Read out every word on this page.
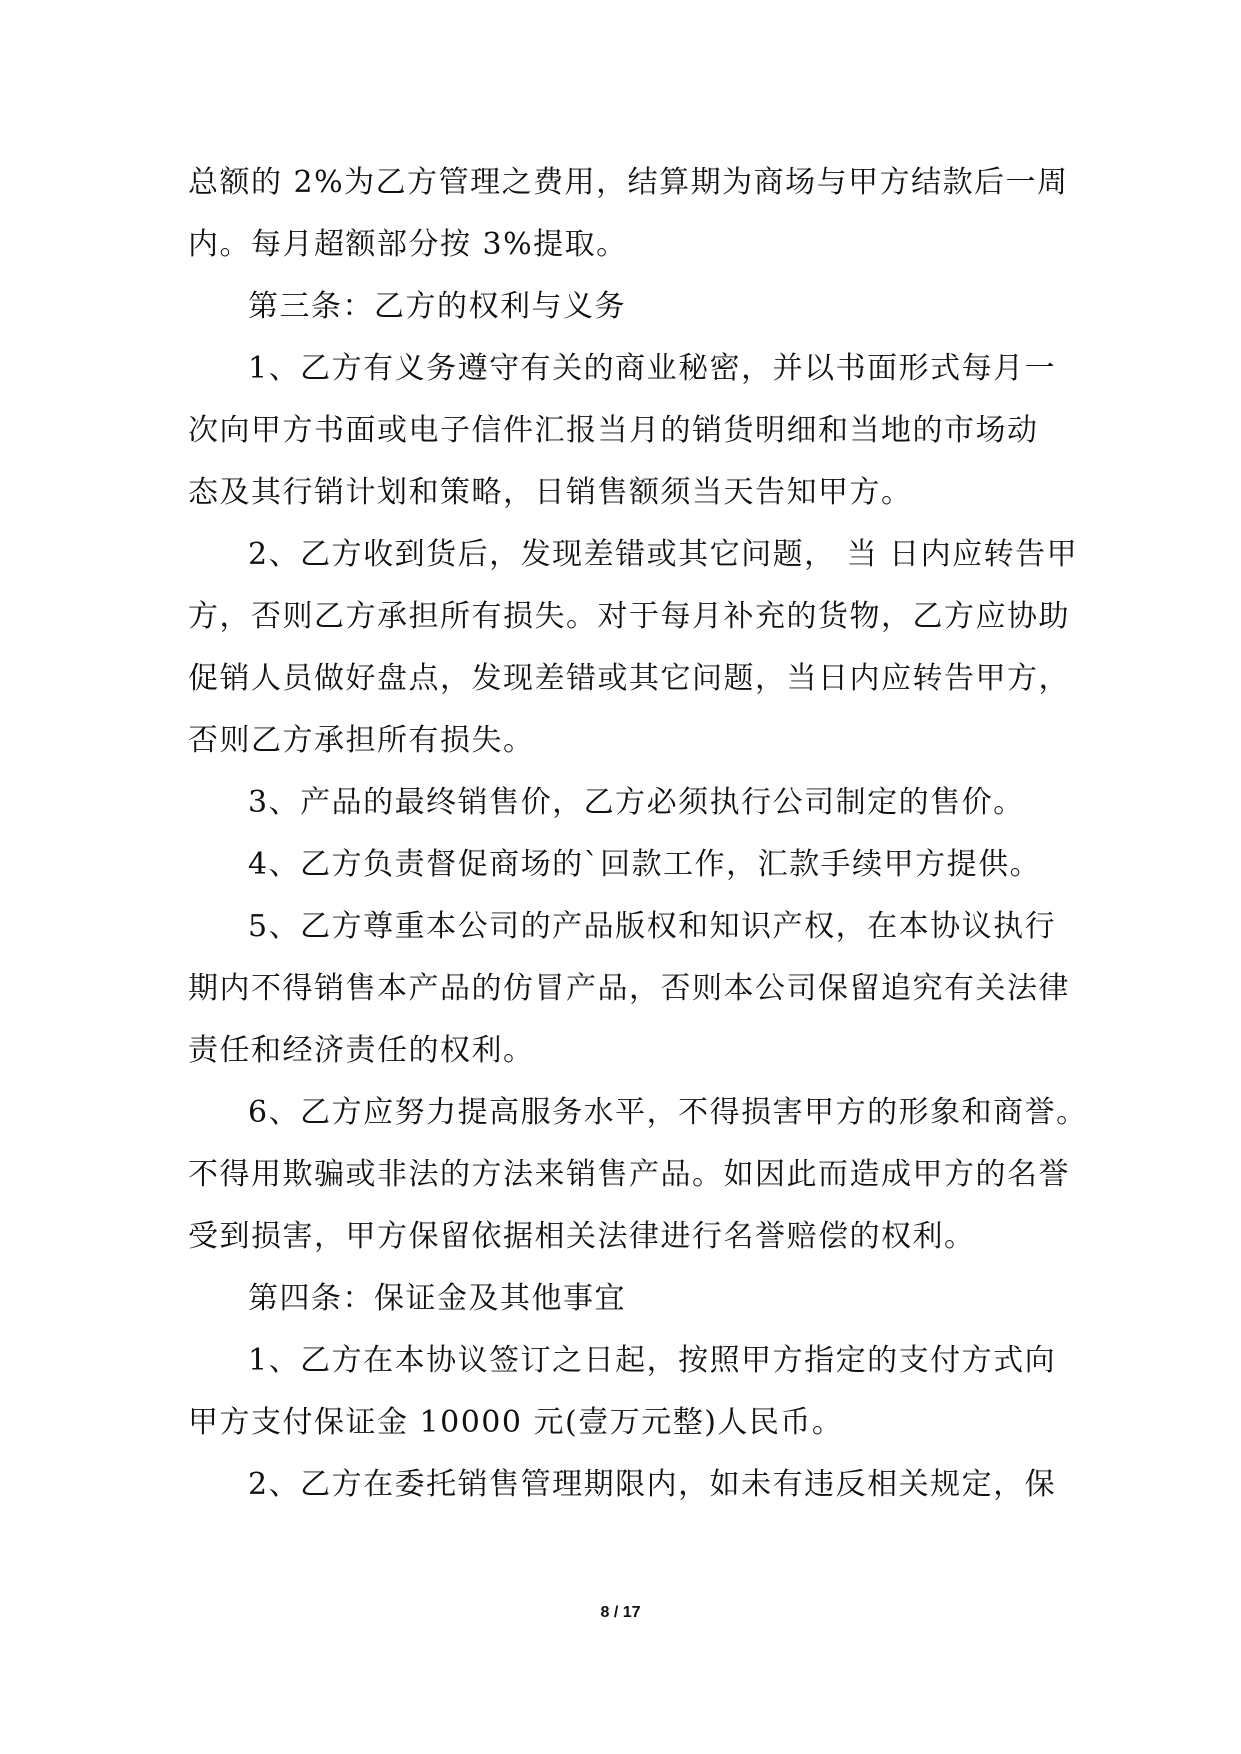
总额的 2%为乙方管理之费用，结算期为商场与甲方结款后一周
内。每月超额部分按 3%提取。
第三条：乙方的权利与义务
1、乙方有义务遵守有关的商业秘密，并以书面形式每月一
次向甲方书面或电子信件汇报当月的销货明细和当地的市场动
态及其行销计划和策略，日销售额须当天告知甲方。
2、乙方收到货后，发现差错或其它问题， 当 日内应转告甲
方，否则乙方承担所有损失。对于每月补充的货物，乙方应协助
促销人员做好盘点，发现差错或其它问题，当日内应转告甲方，
否则乙方承担所有损失。
3、产品的最终销售价，乙方必须执行公司制定的售价。
4、乙方负责督促商场的`回款工作，汇款手续甲方提供。
5、乙方尊重本公司的产品版权和知识产权，在本协议执行
期内不得销售本产品的仿冒产品，否则本公司保留追究有关法律
责任和经济责任的权利。
6、乙方应努力提高服务水平，不得损害甲方的形象和商誉。
不得用欺骗或非法的方法来销售产品。如因此而造成甲方的名誉
受到损害，甲方保留依据相关法律进行名誉赔偿的权利。
第四条：保证金及其他事宜
1、乙方在本协议签订之日起，按照甲方指定的支付方式向
甲方支付保证金 10000 元(壹万元整)人民币。
2、乙方在委托销售管理期限内，如未有违反相关规定，保
8 / 17
